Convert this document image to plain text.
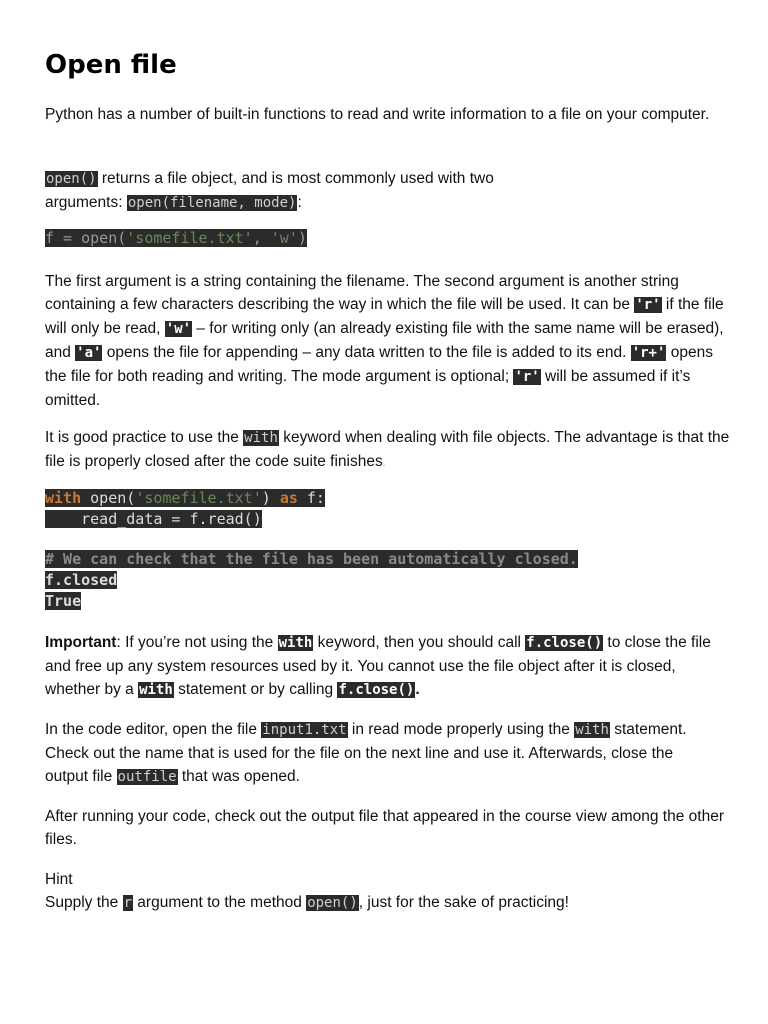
Open file

Python has a number of built-in functions to read and write information to a file on your computer.

open() returns a file object, and is most commonly used with two
arguments: open(filename, mode):

f = open('somefile.txt', 'w')

The first argument is a string containing the filename. The second argument is another string containing a few characters describing the way in which the file will be used. It can be 'r' if the file will only be read, 'w' – for writing only (an already existing file with the same name will be erased), and 'a' opens the file for appending – any data written to the file is added to its end. 'r+' opens the file for both reading and writing. The mode argument is optional; 'r' will be assumed if it’s omitted.

It is good practice to use the with keyword when dealing with file objects. The advantage is that the file is properly closed after the code suite finishes.

with open('somefile.txt') as f:
read_data = f.read()
# We can check that the file has been automatically closed.
f.closed
True

Important: If you’re not using the with keyword, then you should call f.close() to close the file and free up any system resources used by it. You cannot use the file object after it is closed, whether by a with statement or by calling f.close().

In the code editor, open the file input1.txt in read mode properly using the with statement. Check out the name that is used for the file on the next line and use it. Afterwards, close the output file outfile that was opened.

After running your code, check out the output file that appeared in the course view among the other files.

Hint
Supply the r argument to the method open(), just for the sake of practicing!
